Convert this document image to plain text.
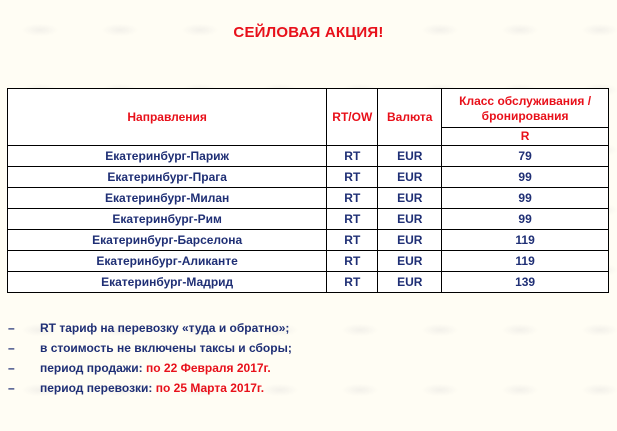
СЕЙЛОВАЯ АКЦИЯ!
Направления	RT/OW	Валюта	Класс обслуживания / бронирования
R

Екатеринбург-Париж	RT	EUR	79
Екатеринбург-Прага	RT	EUR	99
Екатеринбург-Милан	RT	EUR	99
Екатеринбург-Рим	RT	EUR	99
Екатеринбург-Барселона	RT	EUR	119
Екатеринбург-Аликанте	RT	EUR	119
Екатеринбург-Мадрид	RT	EUR	139
– RT тариф на перевозку «туда и обратно»;
– в стоимость не включены таксы и сборы;
– период продажи: по 22 Февраля 2017г.
– период перевозки: по 25 Марта 2017г.
